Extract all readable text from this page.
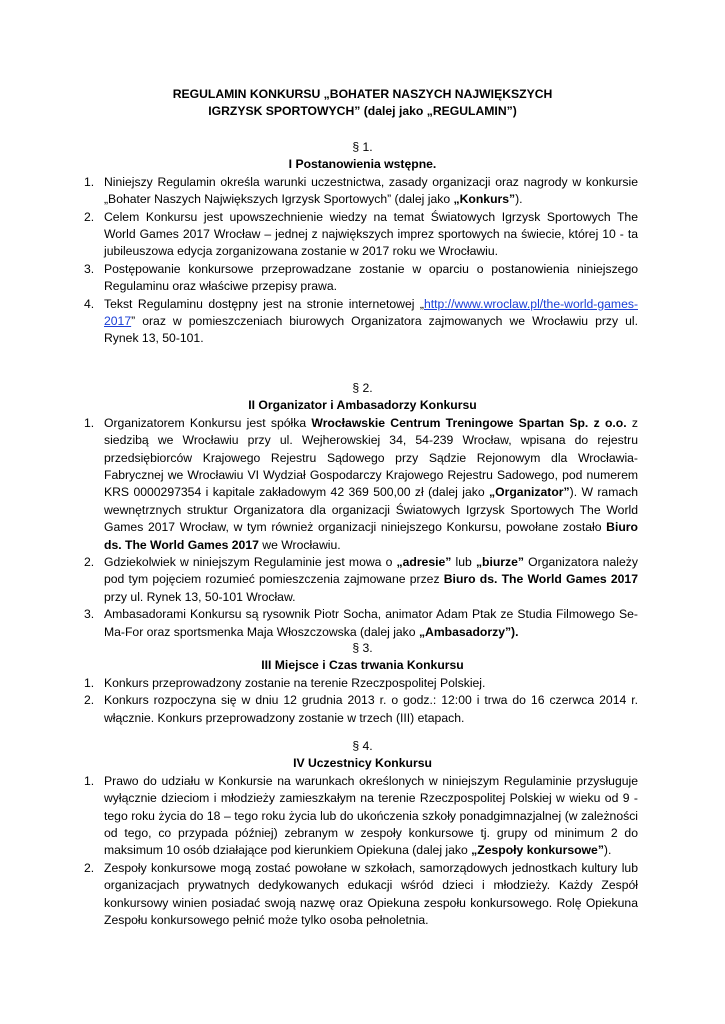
REGULAMIN KONKURSU „BOHATER NASZYCH NAJWIĘKSZYCH
IGRZYSK SPORTOWYCH” (dalej jako „REGULAMIN”)
§ 1.
I Postanowienia wstępne.
1. Niniejszy Regulamin określa warunki uczestnictwa, zasady organizacji oraz nagrody w konkursie „Bohater Naszych Największych Igrzysk Sportowych” (dalej jako „Konkurs”).
2. Celem Konkursu jest upowszechnienie wiedzy na temat Światowych Igrzysk Sportowych The World Games 2017 Wrocław – jednej z największych imprez sportowych na świecie, której 10 - ta jubileuszowa edycja zorganizowana zostanie w 2017 roku we Wrocławiu.
3. Postępowanie konkursowe przeprowadzane zostanie w oparciu o postanowienia niniejszego Regulaminu oraz właściwe przepisy prawa.
4. Tekst Regulaminu dostępny jest na stronie internetowej „http://www.wroclaw.pl/the-world-games-2017” oraz w pomieszczeniach biurowych Organizatora zajmowanych we Wrocławiu przy ul. Rynek 13, 50-101.
§ 2.
II Organizator i Ambasadorzy Konkursu
1. Organizatorem Konkursu jest spółka Wrocławskie Centrum Treningowe Spartan Sp. z o.o. z siedzibą we Wrocławiu przy ul. Wejherowskiej 34, 54-239 Wrocław, wpisana do rejestru przedsiębiorców Krajowego Rejestru Sądowego przy Sądzie Rejonowym dla Wrocławia-Fabrycznej we Wrocławiu VI Wydział Gospodarczy Krajowego Rejestru Sadowego, pod numerem KRS 0000297354 i kapitale zakładowym 42 369 500,00 zł (dalej jako „Organizator”). W ramach wewnętrznych struktur Organizatora dla organizacji Światowych Igrzysk Sportowych The World Games 2017 Wrocław, w tym również organizacji niniejszego Konkursu, powołane zostało Biuro ds. The World Games 2017 we Wrocławiu.
2. Gdziekolwiek w niniejszym Regulaminie jest mowa o „adresie” lub „biurze” Organizatora należy pod tym pojęciem rozumieć pomieszczenia zajmowane przez Biuro ds. The World Games 2017 przy ul. Rynek 13, 50-101 Wrocław.
3. Ambasadorami Konkursu są rysownik Piotr Socha, animator Adam Ptak ze Studia Filmowego Se-Ma-For oraz sportsmenka Maja Włoszczowska (dalej jako „Ambasadorzy”).
§ 3.
III Miejsce i Czas trwania Konkursu
1. Konkurs przeprowadzony zostanie na terenie Rzeczpospolitej Polskiej.
2. Konkurs rozpoczyna się w dniu 12 grudnia 2013 r. o godz.: 12:00 i trwa do 16 czerwca 2014 r. włącznie. Konkurs przeprowadzony zostanie w trzech (III) etapach.
§ 4.
IV Uczestnicy Konkursu
1. Prawo do udziału w Konkursie na warunkach określonych w niniejszym Regulaminie przysługuje wyłącznie dzieciom i młodzieży zamieszkałym na terenie Rzeczpospolitej Polskiej w wieku od 9 - tego roku życia do 18 – tego roku życia lub do ukończenia szkoły ponadgimnazjalnej (w zależności od tego, co przypada później) zebranym w zespoły konkursowe tj. grupy od minimum 2 do maksimum 10 osób działające pod kierunkiem Opiekuna (dalej jako „Zespoły konkursowe”).
2. Zespoły konkursowe mogą zostać powołane w szkołach, samorządowych jednostkach kultury lub organizacjach prywatnych dedykowanych edukacji wśród dzieci i młodzieży. Każdy Zespół konkursowy winien posiadać swoją nazwę oraz Opiekuna zespołu konkursowego. Rolę Opiekuna Zespołu konkursowego pełnić może tylko osoba pełnoletnia.
